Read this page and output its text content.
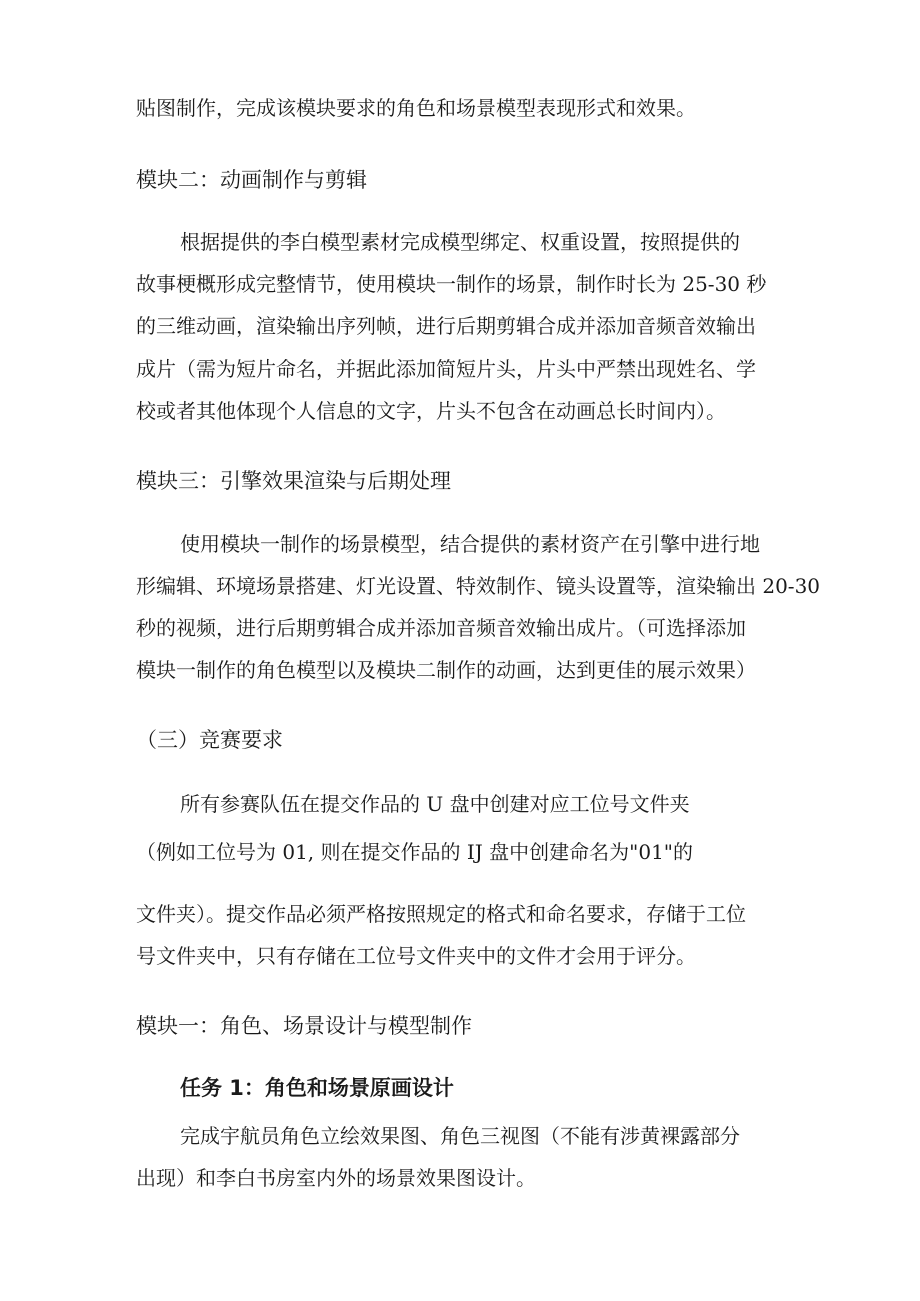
贴图制作，完成该模块要求的角色和场景模型表现形式和效果。
模块二：动画制作与剪辑
根据提供的李白模型素材完成模型绑定、权重设置，按照提供的
故事梗概形成完整情节，使用模块一制作的场景，制作时长为 25-30 秒
的三维动画，渲染输出序列帧，进行后期剪辑合成并添加音频音效输出
成片（需为短片命名，并据此添加简短片头，片头中严禁出现姓名、学
校或者其他体现个人信息的文字，片头不包含在动画总长时间内）。
模块三：引擎效果渲染与后期处理
使用模块一制作的场景模型，结合提供的素材资产在引擎中进行地
形编辑、环境场景搭建、灯光设置、特效制作、镜头设置等，渲染输出 20-30
秒的视频，进行后期剪辑合成并添加音频音效输出成片。（可选择添加
模块一制作的角色模型以及模块二制作的动画，达到更佳的展示效果）
（三）竞赛要求
所有参赛队伍在提交作品的 U 盘中创建对应工位号文件夹
（例如工位号为 01, 则在提交作品的 IJ 盘中创建命名为"01"的
文件夹）。提交作品必须严格按照规定的格式和命名要求，存储于工位
号文件夹中，只有存储在工位号文件夹中的文件才会用于评分。
模块一：角色、场景设计与模型制作
任务 1：角色和场景原画设计
完成宇航员角色立绘效果图、角色三视图（不能有涉黄裸露部分
出现）和李白书房室内外的场景效果图设计。
